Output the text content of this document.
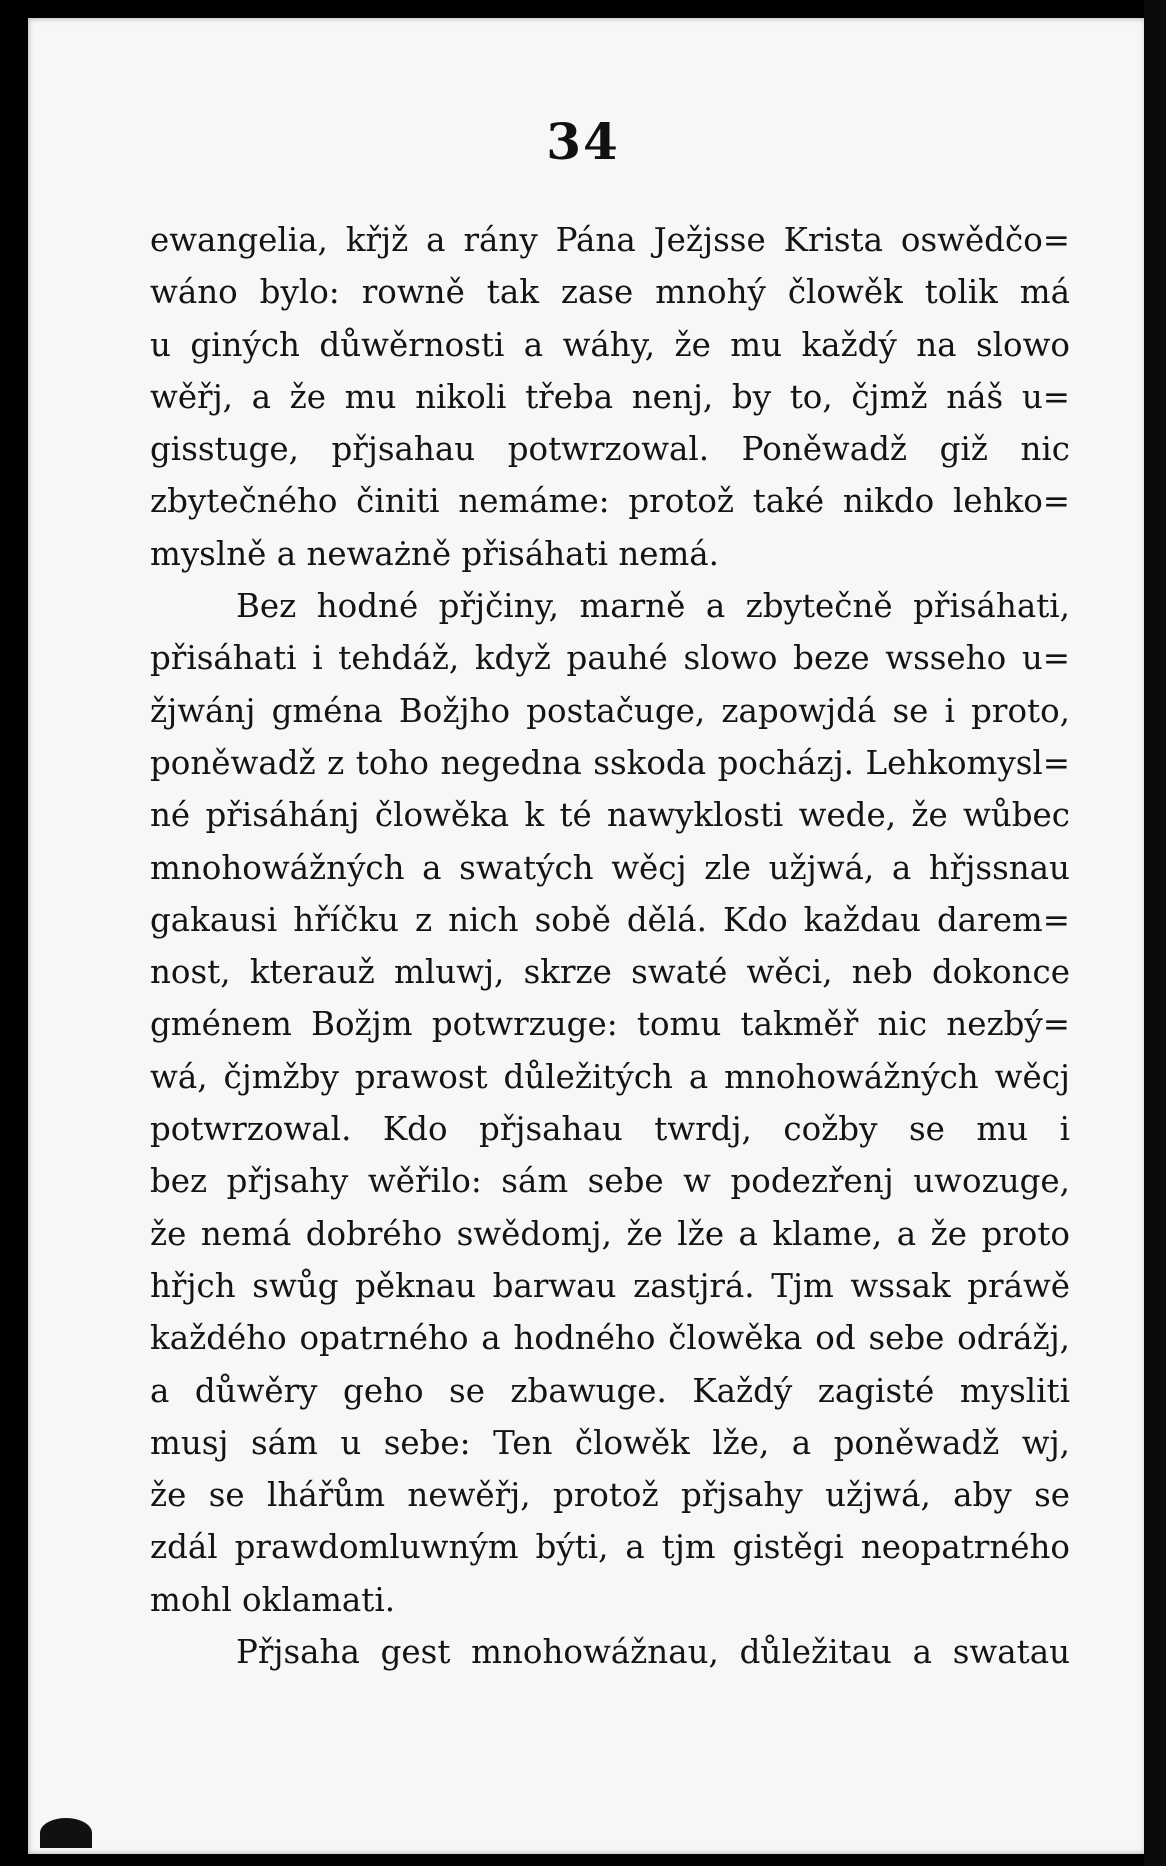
34
ewangelia, křjž a rány Pána Ježjsse Krista oswědčo=
wáno bylo: rowně tak zase mnohý člowěk tolik má
u giných důwěrnosti a wáhy, že mu každý na slowo
wěřj, a že mu nikoli třeba nenj, by to, čjmž náš u=
gisstuge, přjsahau potwrzowal. Poněwadž giž nic
zbytečného činiti nemáme: protož také nikdo lehko=
myslně a neważně přisáhati nemá.
Bez hodné přjčiny, marně a zbytečně přisáhati,
přisáhati i tehdáž, když pauhé slowo beze wsseho u=
žjwánj gména Božjho postačuge, zapowjdá se i proto,
poněwadž z toho negedna sskoda pocházj. Lehkomysl=
né přisáhánj člowěka k té nawyklosti wede, že wůbec
mnohowážných a swatých wěcj zle užjwá, a hřjssnau
gakausi hříčku z nich sobě dělá. Kdo každau darem=
nost, kterauž mluwj, skrze swaté wěci, neb dokonce
gménem Božjm potwrzuge: tomu takměř nic nezbý=
wá, čjmžby prawost důležitých a mnohowážných wěcj
potwrzowal. Kdo přjsahau twrdj, cožby se mu i
bez přjsahy wěřilo: sám sebe w podezřenj uwozuge,
že nemá dobrého swědomj, že lže a klame, a že proto
hřjch swůg pěknau barwau zastjrá. Tjm wssak práwě
každého opatrného a hodného člowěka od sebe odrážj,
a důwěry geho se zbawuge. Každý zagisté mysliti
musj sám u sebe: Ten člowěk lže, a poněwadž wj,
že se lhářům newěřj, protož přjsahy užjwá, aby se
zdál prawdomluwným býti, a tjm gistěgi neopatrného
mohl oklamati.
Přjsaha gest mnohowážnau, důležitau a swatau
